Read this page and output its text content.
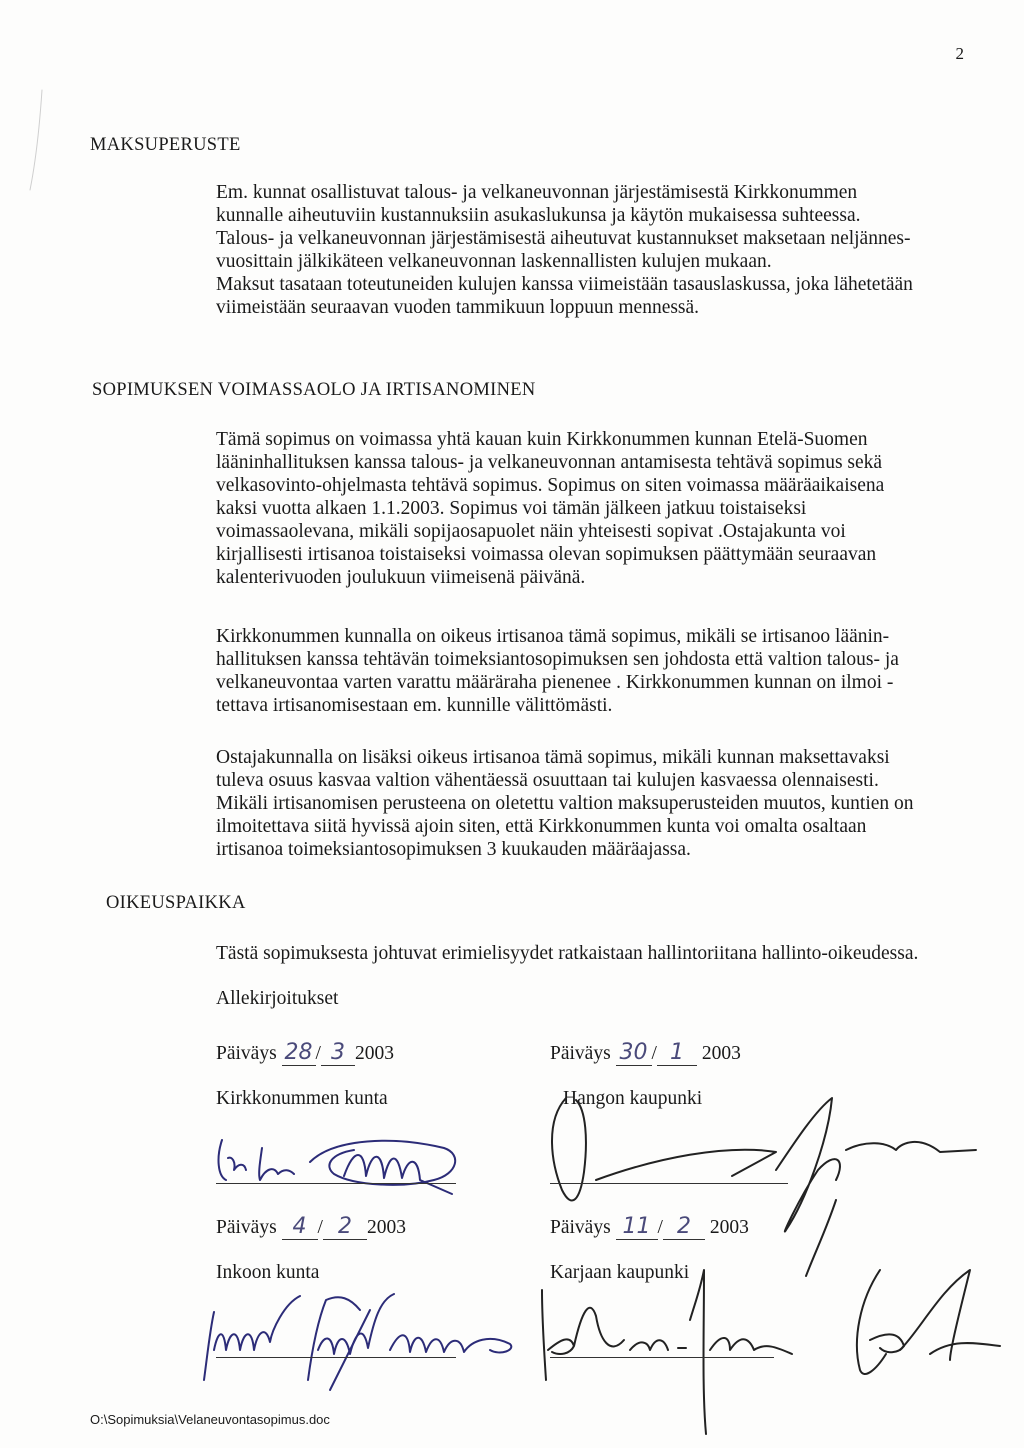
2
MAKSUPERUSTE
Em. kunnat osallistuvat talous- ja velkaneuvonnan järjestämisestä Kirkkonummen
kunnalle aiheutuviin kustannuksiin asukaslukunsa ja käytön mukaisessa suhteessa.
Talous- ja velkaneuvonnan järjestämisestä aiheutuvat kustannukset maksetaan neljännes-
vuosittain jälkikäteen velkaneuvonnan laskennallisten kulujen mukaan.
Maksut tasataan toteutuneiden kulujen kanssa viimeistään tasauslaskussa, joka lähetetään
viimeistään seuraavan vuoden tammikuun loppuun mennessä.
SOPIMUKSEN VOIMASSAOLO JA IRTISANOMINEN
Tämä sopimus on voimassa yhtä kauan kuin Kirkkonummen kunnan Etelä-Suomen
lääninhallituksen kanssa talous- ja velkaneuvonnan antamisesta tehtävä sopimus sekä
velkasovinto-ohjelmasta tehtävä sopimus. Sopimus on siten voimassa määräaikaisena
kaksi vuotta alkaen 1.1.2003. Sopimus voi tämän jälkeen jatkuu toistaiseksi
voimassaolevana, mikäli sopijaosapuolet näin yhteisesti sopivat .Ostajakunta voi
kirjallisesti irtisanoa toistaiseksi voimassa olevan sopimuksen päättymään seuraavan
kalenterivuoden joulukuun viimeisenä päivänä.
Kirkkonummen kunnalla on oikeus irtisanoa tämä sopimus, mikäli se irtisanoo läänin-
hallituksen kanssa tehtävän toimeksiantosopimuksen sen johdosta että valtion talous- ja
velkaneuvontaa varten varattu määräraha pienenee . Kirkkonummen kunnan on ilmoi -
tettava irtisanomisestaan em. kunnille välittömästi.
Ostajakunnalla on lisäksi oikeus irtisanoa tämä sopimus, mikäli kunnan maksettavaksi
tuleva osuus kasvaa valtion vähentäessä osuuttaan tai kulujen kasvaessa olennaisesti.
Mikäli irtisanomisen perusteena on oletettu valtion maksuperusteiden muutos, kuntien on
ilmoitettava siitä hyvissä ajoin siten, että Kirkkonummen kunta voi omalta osaltaan
irtisanoa toimeksiantosopimuksen 3 kuukauden määräajassa.
OIKEUSPAIKKA
Tästä sopimuksesta johtuvat erimielisyydet ratkaistaan hallintoriitana hallinto-oikeudessa.
Allekirjoitukset
Päiväys 28 / 3 2003
Kirkkonummen kunta
Päiväys 30 / 1 2003
Hangon kaupunki
Päiväys 4 / 2 2003
Inkoon kunta
Päiväys 11 / 2 2003
Karjaan kaupunki
O:\Sopimuksia\Velaneuvontasopimus.doc
